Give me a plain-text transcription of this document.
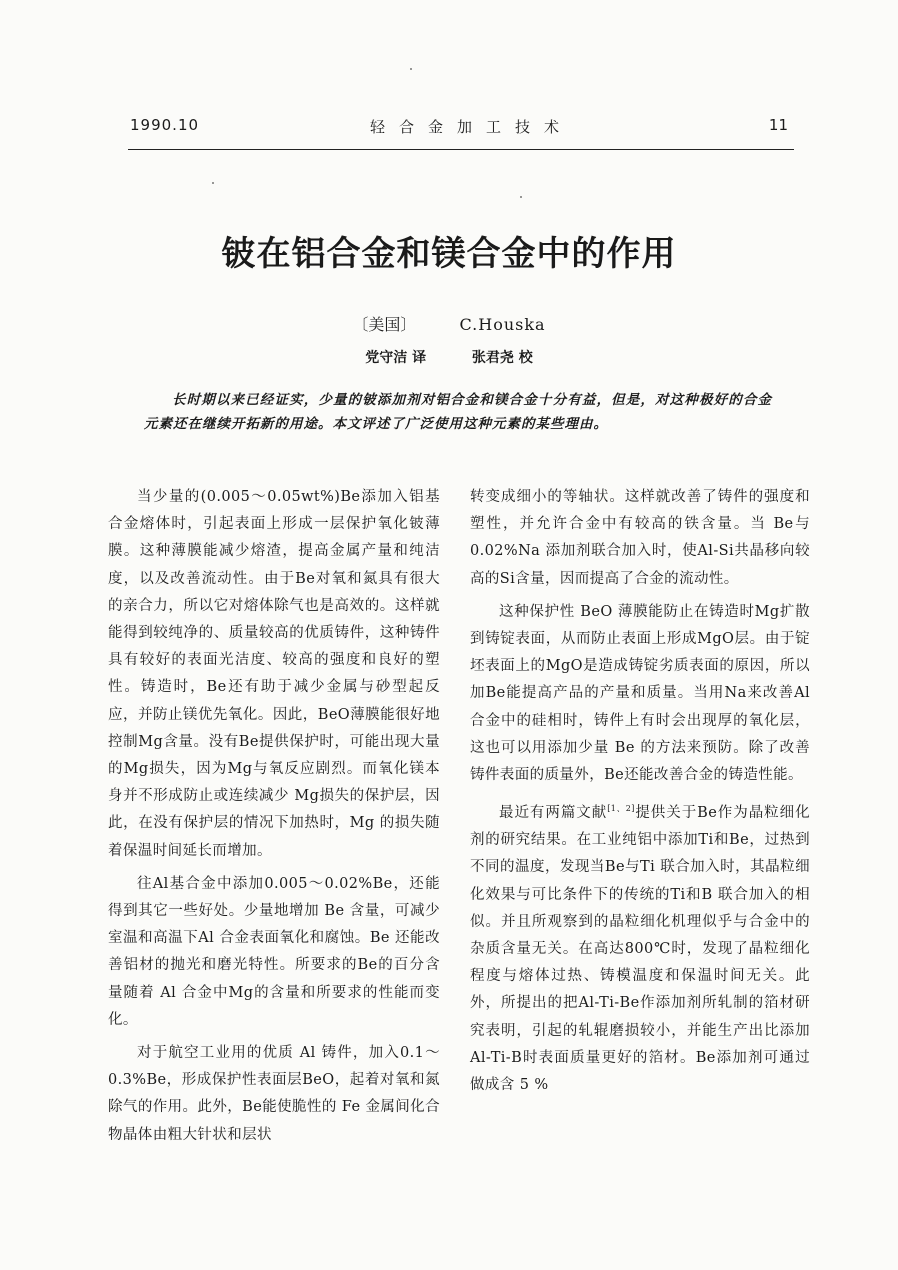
1990.10	轻合金加工技术	11
铍在铝合金和镁合金中的作用
〔美国〕	C.Houska
党守洁 译	张君尧 校
长时期以来已经证实，少量的铍添加剂对铝合金和镁合金十分有益，但是，对这种极好的合金元素还在继续开拓新的用途。本文评述了广泛使用这种元素的某些理由。

当少量的(0.005～0.05wt%)Be添加入铝基合金熔体时，引起表面上形成一层保护氧化铍薄膜。这种薄膜能减少熔渣，提高金属产量和纯洁度，以及改善流动性。由于Be对氧和氮具有很大的亲合力，所以它对熔体除气也是高效的。这样就能得到较纯净的、质量较高的优质铸件，这种铸件具有较好的表面光洁度、较高的强度和良好的塑性。铸造时，Be还有助于减少金属与砂型起反应，并防止镁优先氧化。因此，BeO薄膜能很好地控制Mg含量。没有Be提供保护时，可能出现大量的Mg损失，因为Mg与氧反应剧烈。而氧化镁本身并不形成防止或连续减少 Mg损失的保护层，因此，在没有保护层的情况下加热时，Mg 的损失随着保温时间延长而增加。

往Al基合金中添加0.005～0.02%Be，还能得到其它一些好处。少量地增加 Be 含量，可减少室温和高温下Al 合金表面氧化和腐蚀。Be 还能改善铝材的抛光和磨光特性。所要求的Be的百分含量随着 Al 合金中Mg的含量和所要求的性能而变化。

对于航空工业用的优质 Al 铸件，加入0.1～0.3%Be，形成保护性表面层BeO，起着对氧和氮除气的作用。此外，Be能使脆性的 Fe 金属间化合物晶体由粗大针状和层状

转变成细小的等轴状。这样就改善了铸件的强度和塑性，并允许合金中有较高的铁含量。当 Be与0.02%Na 添加剂联合加入时，使Al-Si共晶移向较高的Si含量，因而提高了合金的流动性。

这种保护性 BeO 薄膜能防止在铸造时Mg扩散到铸锭表面，从而防止表面上形成MgO层。由于锭坯表面上的MgO是造成铸锭劣质表面的原因，所以加Be能提高产品的产量和质量。当用Na来改善Al合金中的硅相时，铸件上有时会出现厚的氧化层，这也可以用添加少量 Be 的方法来预防。除了改善铸件表面的质量外，Be还能改善合金的铸造性能。

最近有两篇文献[1、2]提供关于Be作为晶粒细化剂的研究结果。在工业纯铝中添加Ti和Be，过热到不同的温度，发现当Be与Ti 联合加入时，其晶粒细化效果与可比条件下的传统的Ti和B 联合加入的相似。并且所观察到的晶粒细化机理似乎与合金中的杂质含量无关。在高达800℃时，发现了晶粒细化程度与熔体过热、铸模温度和保温时间无关。此外，所提出的把Al-Ti-Be作添加剂所轧制的箔材研究表明，引起的轧辊磨损较小，并能生产出比添加Al-Ti-B时表面质量更好的箔材。Be添加剂可通过做成含 5 %
